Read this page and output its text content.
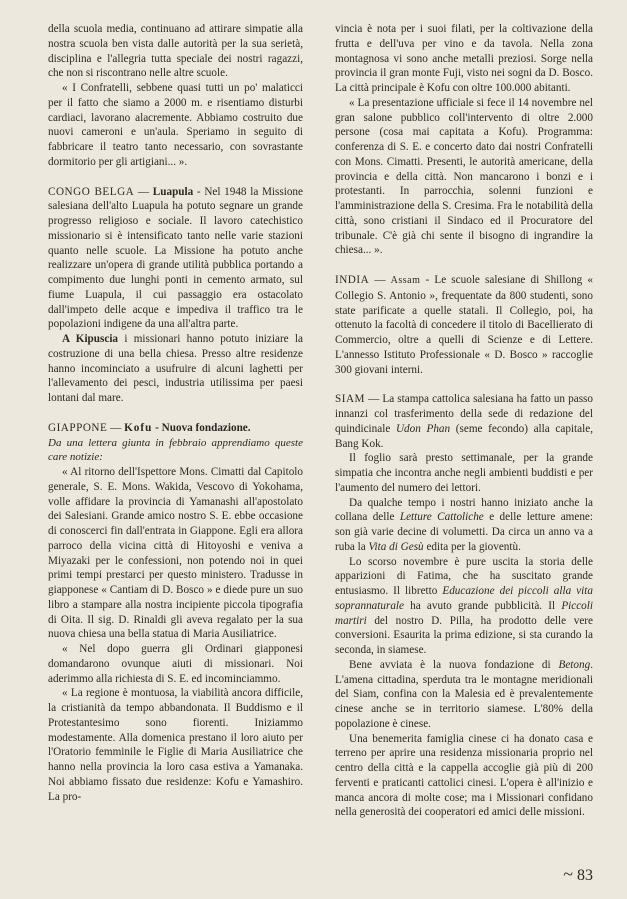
della scuola media, continuano ad attirare simpatie alla nostra scuola ben vista dalle autorità per la sua serietà, disciplina e l'allegria tutta speciale dei nostri ragazzi, che non si riscontrano nelle altre scuole.

« I Confratelli, sebbene quasi tutti un po' malaticci per il fatto che siamo a 2000 m. e risentiamo disturbi cardiaci, lavorano alacremente. Abbiamo costruito due nuovi cameroni e un'aula. Speriamo in seguito di fabbricare il teatro tanto necessario, con sovrastante dormitorio per gli artigiani... ».

CONGO BELGA — Luapula - Nel 1948 la Missione salesiana dell'alto Luapula ha potuto segnare un grande progresso religioso e sociale. Il lavoro catechistico missionario si è intensificato tanto nelle varie stazioni quanto nelle scuole. La Missione ha potuto anche realizzare un'opera di grande utilità pubblica portando a compimento due lunghi ponti in cemento armato, sul fiume Luapula, il cui passaggio era ostacolato dall'impeto delle acque e impediva il traffico tra le popolazioni indigene da una all'altra parte.

A Kipuscia i missionari hanno potuto iniziare la costruzione di una bella chiesa. Presso altre residenze hanno incominciato a usufruire di alcuni laghetti per l'allevamento dei pesci, industria utilissima per paesi lontani dal mare.

GIAPPONE — Kofu - Nuova fondazione.

Da una lettera giunta in febbraio apprendiamo queste care notizie:

« Al ritorno dell'Ispettore Mons. Cimatti dal Capitolo generale, S. E. Mons. Wakida, Vescovo di Yokohama, volle affidare la provincia di Yamanashi all'apostolato dei Salesiani. Grande amico nostro S. E. ebbe occasione di conoscerci fin dall'entrata in Giappone. Egli era allora parroco della vicina città di Hitoyoshi e veniva a Miyazaki per le confessioni, non potendo noi in quei primi tempi prestarci per questo ministero. Tradusse in giapponese « Cantiam di D. Bosco » e diede pure un suo libro a stampare alla nostra incipiente piccola tipografia di Oita. Il sig. D. Rinaldi gli aveva regalato per la sua nuova chiesa una bella statua di Maria Ausiliatrice.

« Nel dopo guerra gli Ordinari giapponesi domandarono ovunque aiuti di missionari. Noi aderimmo alla richiesta di S. E. ed incominciammo.

« La regione è montuosa, la viabilità ancora difficile, la cristianità da tempo abbandonata. Il Buddismo e il Protestantesimo sono fiorenti. Iniziammo modestamente. Alla domenica prestano il loro aiuto per l'Oratorio femminile le Figlie di Maria Ausiliatrice che hanno nella provincia la loro casa estiva a Yamanaka. Noi abbiamo fissato due residenze: Kofu e Yamashiro. La pro-

vincia è nota per i suoi filati, per la coltivazione della frutta e dell'uva per vino e da tavola. Nella zona montagnosa vi sono anche metalli preziosi. Sorge nella provincia il gran monte Fuji, visto nei sogni da D. Bosco. La città principale è Kofu con oltre 100.000 abitanti.

« La presentazione ufficiale si fece il 14 novembre nel gran salone pubblico coll'intervento di oltre 2.000 persone (cosa mai capitata a Kofu). Programma: conferenza di S. E. e concerto dato dai nostri Confratelli con Mons. Cimatti. Presenti, le autorità americane, della provincia e della città. Non mancarono i bonzi e i protestanti. In parrocchia, solenni funzioni e l'amministrazione della S. Cresima. Fra le notabilità della città, sono cristiani il Sindaco ed il Procuratore del tribunale. C'è già chi sente il bisogno di ingrandire la chiesa... ».

INDIA — Assam - Le scuole salesiane di Shillong « Collegio S. Antonio », frequentate da 800 studenti, sono state parificate a quelle statali. Il Collegio, poi, ha ottenuto la facoltà di concedere il titolo di Bacellierato di Commercio, oltre a quelli di Scienze e di Lettere. L'annesso Istituto Professionale « D. Bosco » raccoglie 300 giovani interni.

SIAM — La stampa cattolica salesiana ha fatto un passo innanzi col trasferimento della sede di redazione del quindicinale Udon Phan (seme fecondo) alla capitale, Bang Kok.

Il foglio sarà presto settimanale, per la grande simpatia che incontra anche negli ambienti buddisti e per l'aumento del numero dei lettori.

Da qualche tempo i nostri hanno iniziato anche la collana delle Letture Cattoliche e delle letture amene: son già varie decine di volumetti. Da circa un anno va a ruba la Vita di Gesù edita per la gioventù.

Lo scorso novembre è pure uscita la storia delle apparizioni di Fatima, che ha suscitato grande entusiasmo. Il libretto Educazione dei piccoli alla vita soprannaturale ha avuto grande pubblicità. Il Piccoli martiri del nostro D. Pilla, ha prodotto delle vere conversioni. Esaurita la prima edizione, si sta curando la seconda, in siamese.

Bene avviata è la nuova fondazione di Betong. L'amena cittadina, sperduta tra le montagne meridionali del Siam, confina con la Malesia ed è prevalentemente cinese anche se in territorio siamese. L'80% della popolazione è cinese.

Una benemerita famiglia cinese ci ha donato casa e terreno per aprire una residenza missionaria proprio nel centro della città e la cappella accoglie già più di 200 ferventi e praticanti cattolici cinesi. L'opera è all'inizio e manca ancora di molte cose; ma i Missionari confidano nella generosità dei cooperatori ed amici delle missioni.

~ 83
